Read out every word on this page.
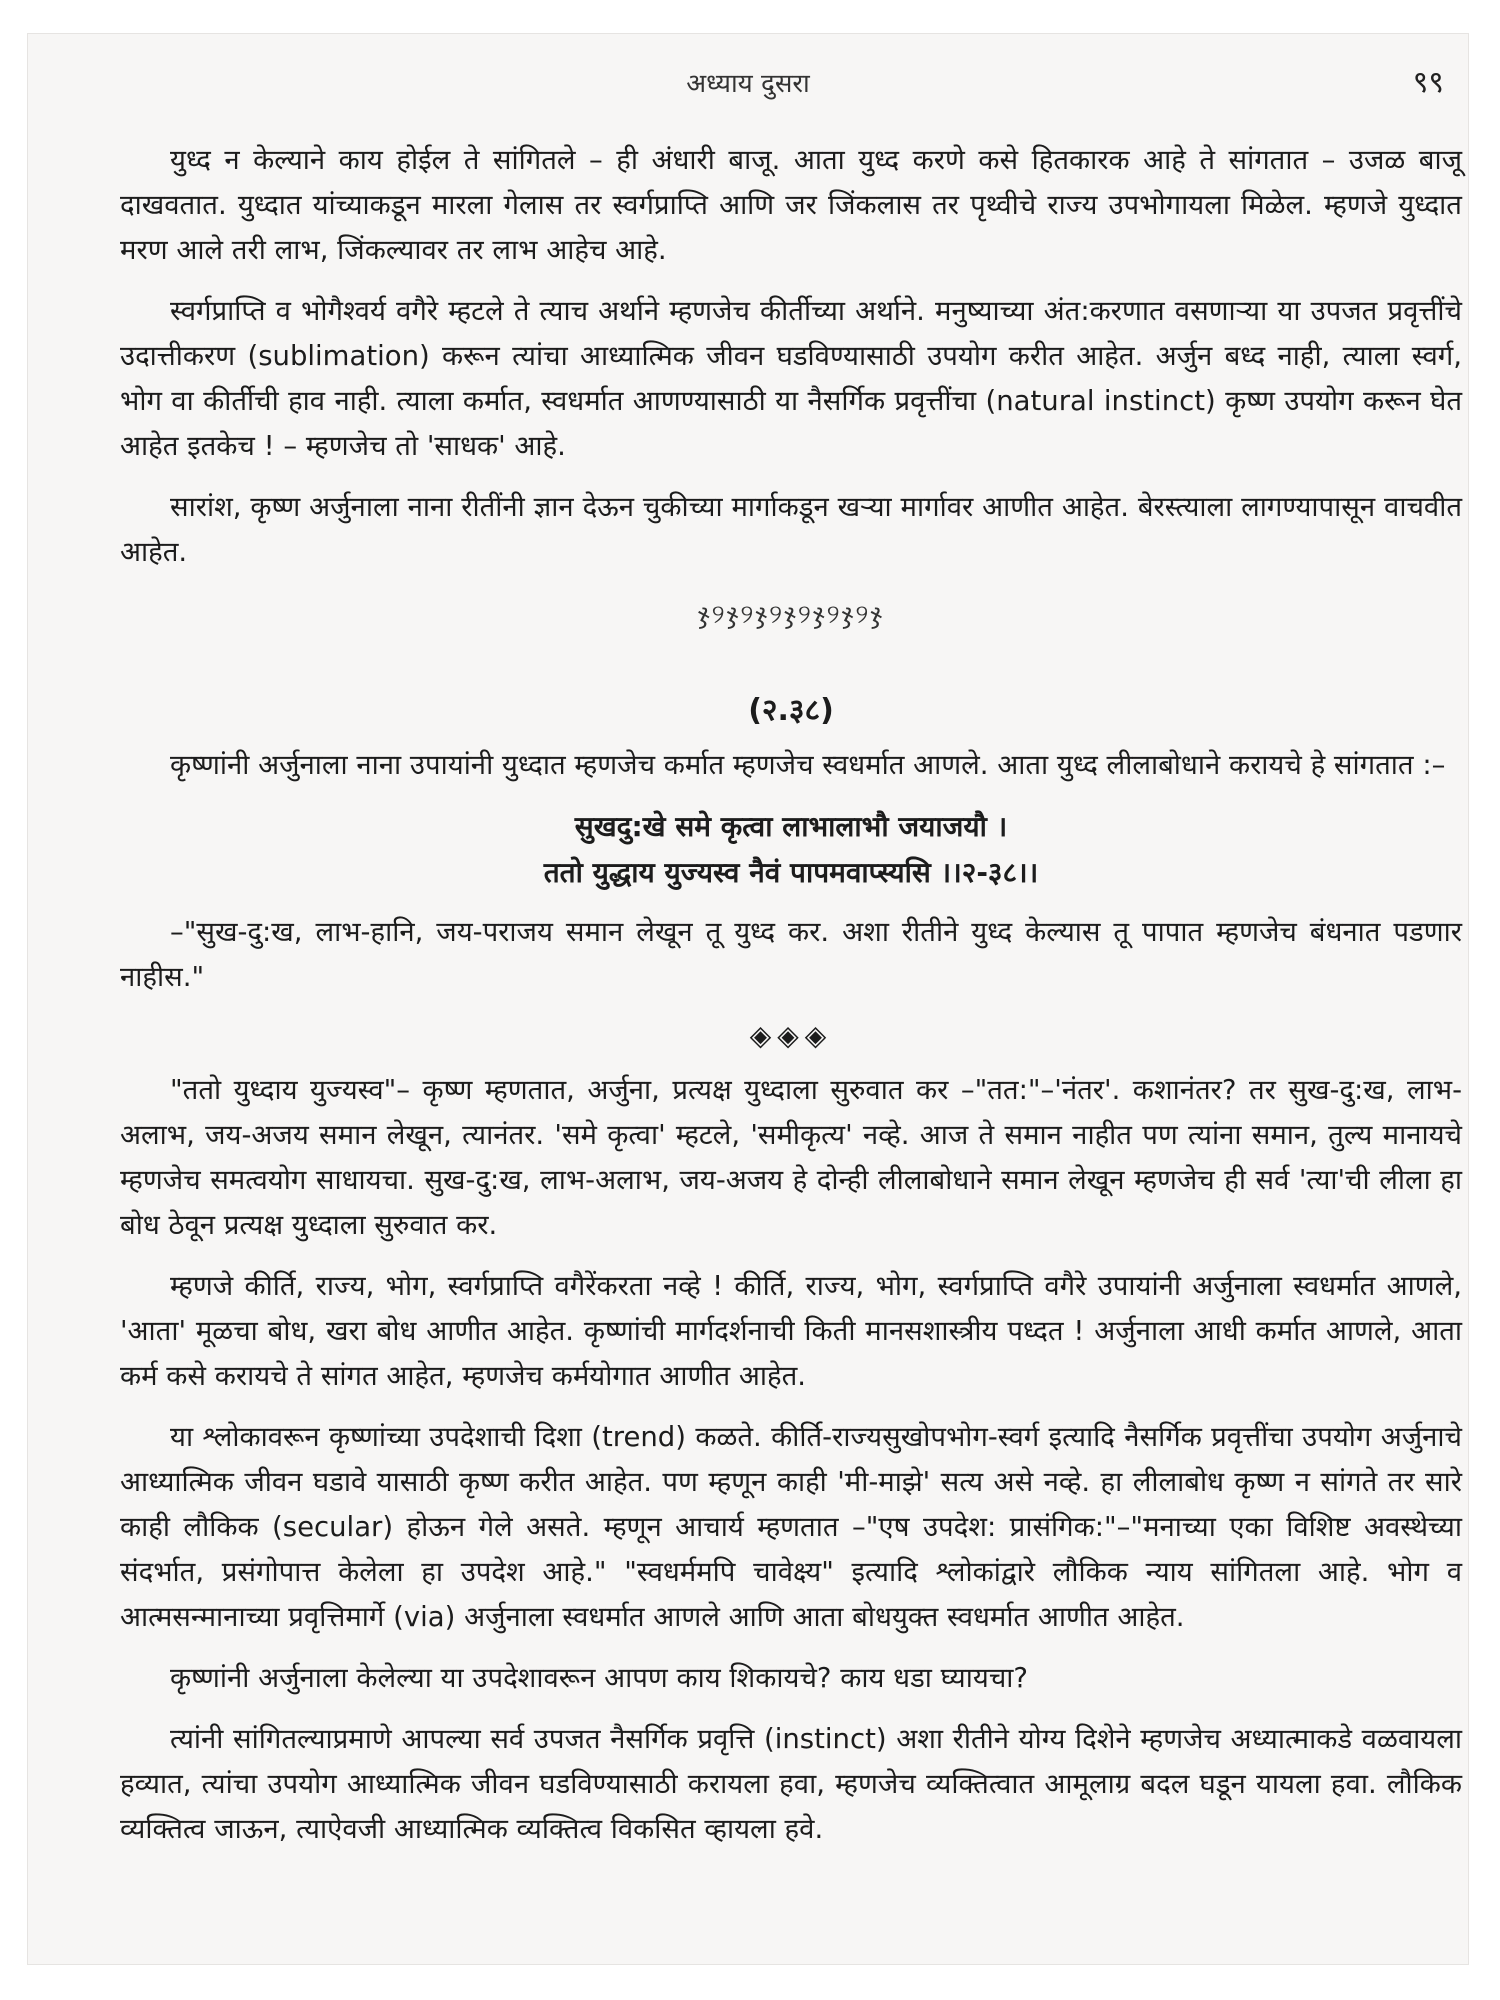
अध्याय दुसरा	९९

युध्द न केल्याने काय होईल ते सांगितले – ही अंधारी बाजू. आता युध्द करणे कसे हितकारक आहे ते सांगतात – उजळ बाजू दाखवतात. युध्दात यांच्याकडून मारला गेलास तर स्वर्गप्राप्ति आणि जर जिंकलास तर पृथ्वीचे राज्य उपभोगायला मिळेल. म्हणजे युध्दात मरण आले तरी लाभ, जिंकल्यावर तर लाभ आहेच आहे.

स्वर्गप्राप्ति व भोगैश्वर्य वगैरे म्हटले ते त्याच अर्थाने म्हणजेच कीर्तीच्या अर्थाने. मनुष्याच्या अंत:करणात वसणाऱ्या या उपजत प्रवृत्तींचे उदात्तीकरण (sublimation) करून त्यांचा आध्यात्मिक जीवन घडविण्यासाठी उपयोग करीत आहेत. अर्जुन बध्द नाही, त्याला स्वर्ग, भोग वा कीर्तीची हाव नाही. त्याला कर्मात, स्वधर्मात आणण्यासाठी या नैसर्गिक प्रवृत्तींचा (natural instinct) कृष्ण उपयोग करून घेत आहेत इतकेच ! – म्हणजेच तो 'साधक' आहे.

सारांश, कृष्ण अर्जुनाला नाना रीतींनी ज्ञान देऊन चुकीच्या मार्गाकडून खऱ्या मार्गावर आणीत आहेत. बेरस्त्याला लागण्यापासून वाचवीत आहेत.

ჯ୨ჯ୨ჯ୨ჯ୨ჯ୨ჯ୨ჯ
(२.३८)

कृष्णांनी अर्जुनाला नाना उपायांनी युध्दात म्हणजेच कर्मात म्हणजेच स्वधर्मात आणले. आता युध्द लीलाबोधाने करायचे हे सांगतात :–

सुखदु:खे समे कृत्वा लाभालाभौ जयाजयौ ।
ततो युद्धाय युज्यस्व नैवं पापमवाप्स्यसि ।।२-३८।।

–"सुख-दु:ख, लाभ-हानि, जय-पराजय समान लेखून तू युध्द कर. अशा रीतीने युध्द केल्यास तू पापात म्हणजेच बंधनात पडणार नाहीस."

◈◈◈

"ततो युध्दाय युज्यस्व"– कृष्ण म्हणतात, अर्जुना, प्रत्यक्ष युध्दाला सुरुवात कर –"तत:"–'नंतर'. कशानंतर? तर सुख-दु:ख, लाभ-अलाभ, जय-अजय समान लेखून, त्यानंतर. 'समे कृत्वा' म्हटले, 'समीकृत्य' नव्हे. आज ते समान नाहीत पण त्यांना समान, तुल्य मानायचे म्हणजेच समत्वयोग साधायचा. सुख-दु:ख, लाभ-अलाभ, जय-अजय हे दोन्ही लीलाबोधाने समान लेखून म्हणजेच ही सर्व 'त्या'ची लीला हा बोध ठेवून प्रत्यक्ष युध्दाला सुरुवात कर.

म्हणजे कीर्ति, राज्य, भोग, स्वर्गप्राप्ति वगैरेंकरता नव्हे ! कीर्ति, राज्य, भोग, स्वर्गप्राप्ति वगैरे उपायांनी अर्जुनाला स्वधर्मात आणले, 'आता' मूळचा बोध, खरा बोध आणीत आहेत. कृष्णांची मार्गदर्शनाची किती मानसशास्त्रीय पध्दत ! अर्जुनाला आधी कर्मात आणले, आता कर्म कसे करायचे ते सांगत आहेत, म्हणजेच कर्मयोगात आणीत आहेत.

या श्लोकावरून कृष्णांच्या उपदेशाची दिशा (trend) कळते. कीर्ति-राज्यसुखोपभोग-स्वर्ग इत्यादि नैसर्गिक प्रवृत्तींचा उपयोग अर्जुनाचे आध्यात्मिक जीवन घडावे यासाठी कृष्ण करीत आहेत. पण म्हणून काही 'मी-माझे' सत्य असे नव्हे. हा लीलाबोध कृष्ण न सांगते तर सारे काही लौकिक (secular) होऊन गेले असते. म्हणून आचार्य म्हणतात –"एष उपदेश: प्रासंगिक:"–"मनाच्या एका विशिष्ट अवस्थेच्या संदर्भात, प्रसंगोपात्त केलेला हा उपदेश आहे." "स्वधर्ममपि चावेक्ष्य" इत्यादि श्लोकांद्वारे लौकिक न्याय सांगितला आहे. भोग व आत्मसन्मानाच्या प्रवृत्तिमार्गे (via) अर्जुनाला स्वधर्मात आणले आणि आता बोधयुक्त स्वधर्मात आणीत आहेत.

कृष्णांनी अर्जुनाला केलेल्या या उपदेशावरून आपण काय शिकायचे? काय धडा घ्यायचा?

त्यांनी सांगितल्याप्रमाणे आपल्या सर्व उपजत नैसर्गिक प्रवृत्ति (instinct) अशा रीतीने योग्य दिशेने म्हणजेच अध्यात्माकडे वळवायला हव्यात, त्यांचा उपयोग आध्यात्मिक जीवन घडविण्यासाठी करायला हवा, म्हणजेच व्यक्तित्वात आमूलाग्र बदल घडून यायला हवा. लौकिक व्यक्तित्व जाऊन, त्याऐवजी आध्यात्मिक व्यक्तित्व विकसित व्हायला हवे.
